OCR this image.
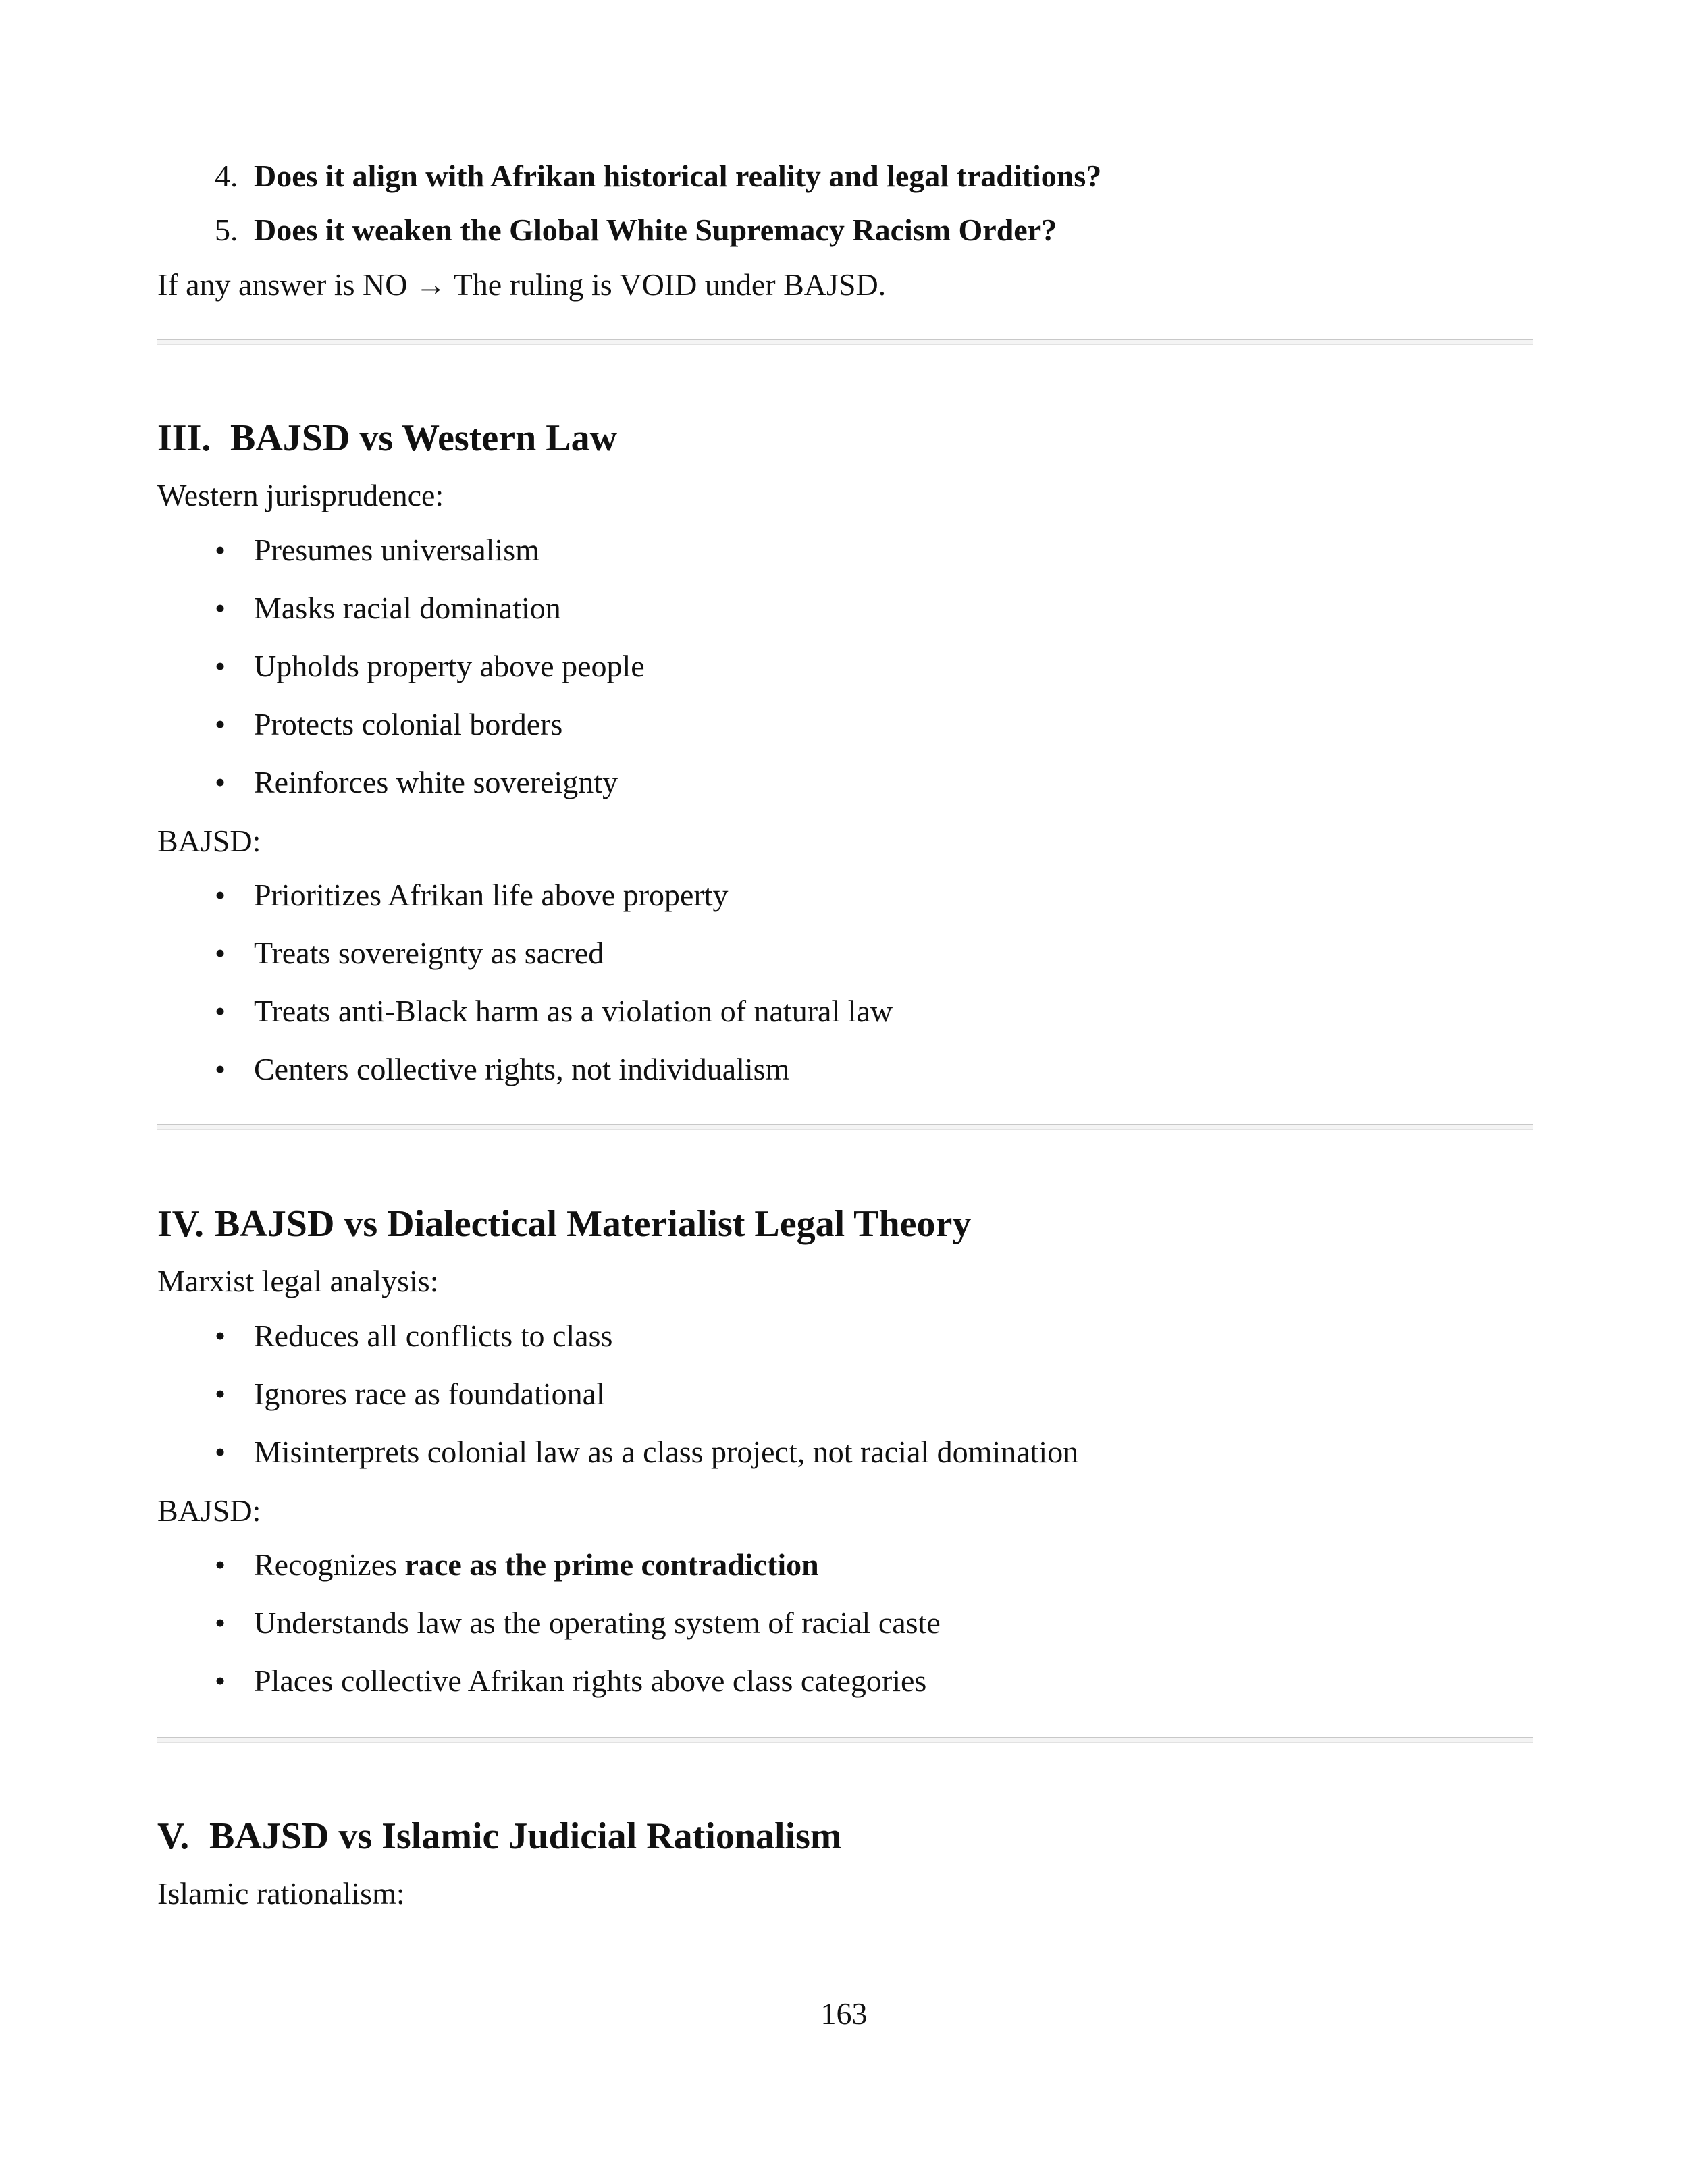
4. Does it align with Afrikan historical reality and legal traditions?
5. Does it weaken the Global White Supremacy Racism Order?
If any answer is NO → The ruling is VOID under BAJSD.
III. BAJSD vs Western Law
Western jurisprudence:
• Presumes universalism
• Masks racial domination
• Upholds property above people
• Protects colonial borders
• Reinforces white sovereignty
BAJSD:
• Prioritizes Afrikan life above property
• Treats sovereignty as sacred
• Treats anti-Black harm as a violation of natural law
• Centers collective rights, not individualism
IV. BAJSD vs Dialectical Materialist Legal Theory
Marxist legal analysis:
• Reduces all conflicts to class
• Ignores race as foundational
• Misinterprets colonial law as a class project, not racial domination
BAJSD:
• Recognizes race as the prime contradiction
• Understands law as the operating system of racial caste
• Places collective Afrikan rights above class categories
V. BAJSD vs Islamic Judicial Rationalism
Islamic rationalism:
163
